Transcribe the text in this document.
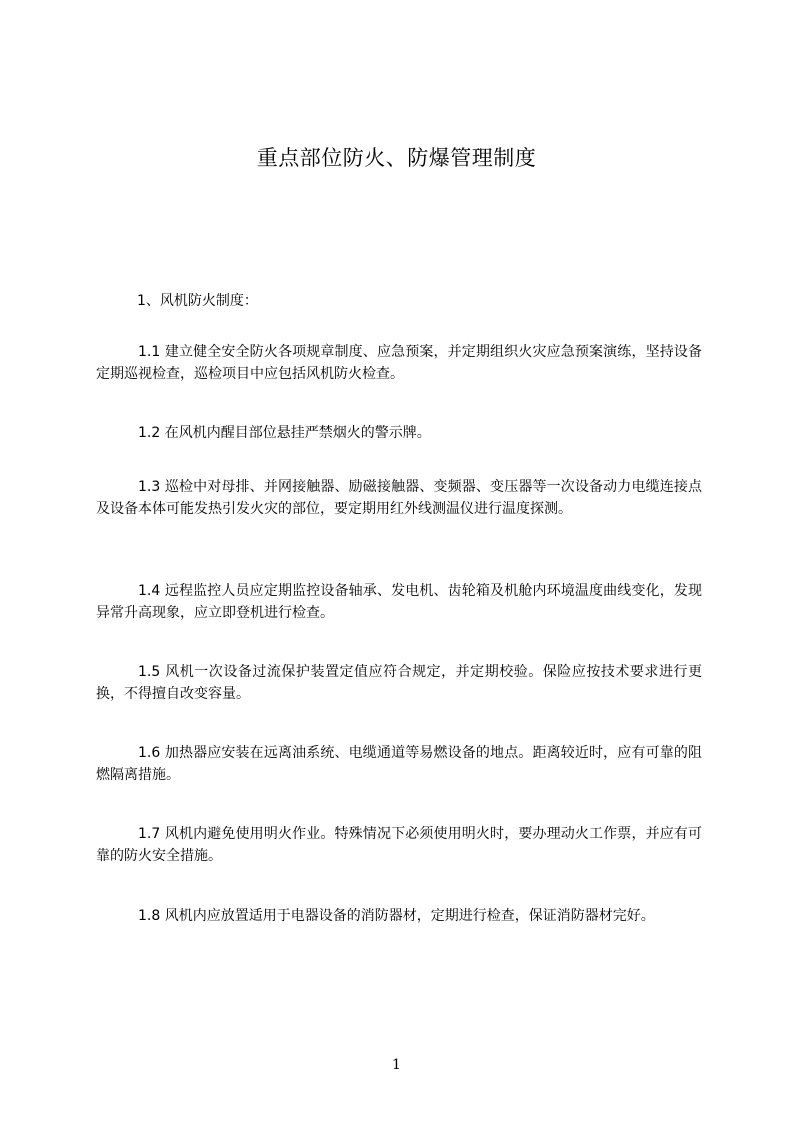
重点部位防火、防爆管理制度

1、风机防火制度：

1.1 建立健全安全防火各项规章制度、应急预案，并定期组织火灾应急预案演练，坚持设备定期巡视检查，巡检项目中应包括风机防火检查。

1.2 在风机内醒目部位悬挂严禁烟火的警示牌。

1.3 巡检中对母排、并网接触器、励磁接触器、变频器、变压器等一次设备动力电缆连接点及设备本体可能发热引发火灾的部位，要定期用红外线测温仪进行温度探测。

1.4 远程监控人员应定期监控设备轴承、发电机、齿轮箱及机舱内环境温度曲线变化，发现异常升高现象，应立即登机进行检查。

1.5 风机一次设备过流保护装置定值应符合规定，并定期校验。保险应按技术要求进行更换，不得擅自改变容量。

1.6 加热器应安装在远离油系统、电缆通道等易燃设备的地点。距离较近时，应有可靠的阻燃隔离措施。

1.7 风机内避免使用明火作业。特殊情况下必须使用明火时，要办理动火工作票，并应有可靠的防火安全措施。

1.8 风机内应放置适用于电器设备的消防器材，定期进行检查，保证消防器材完好。

1
